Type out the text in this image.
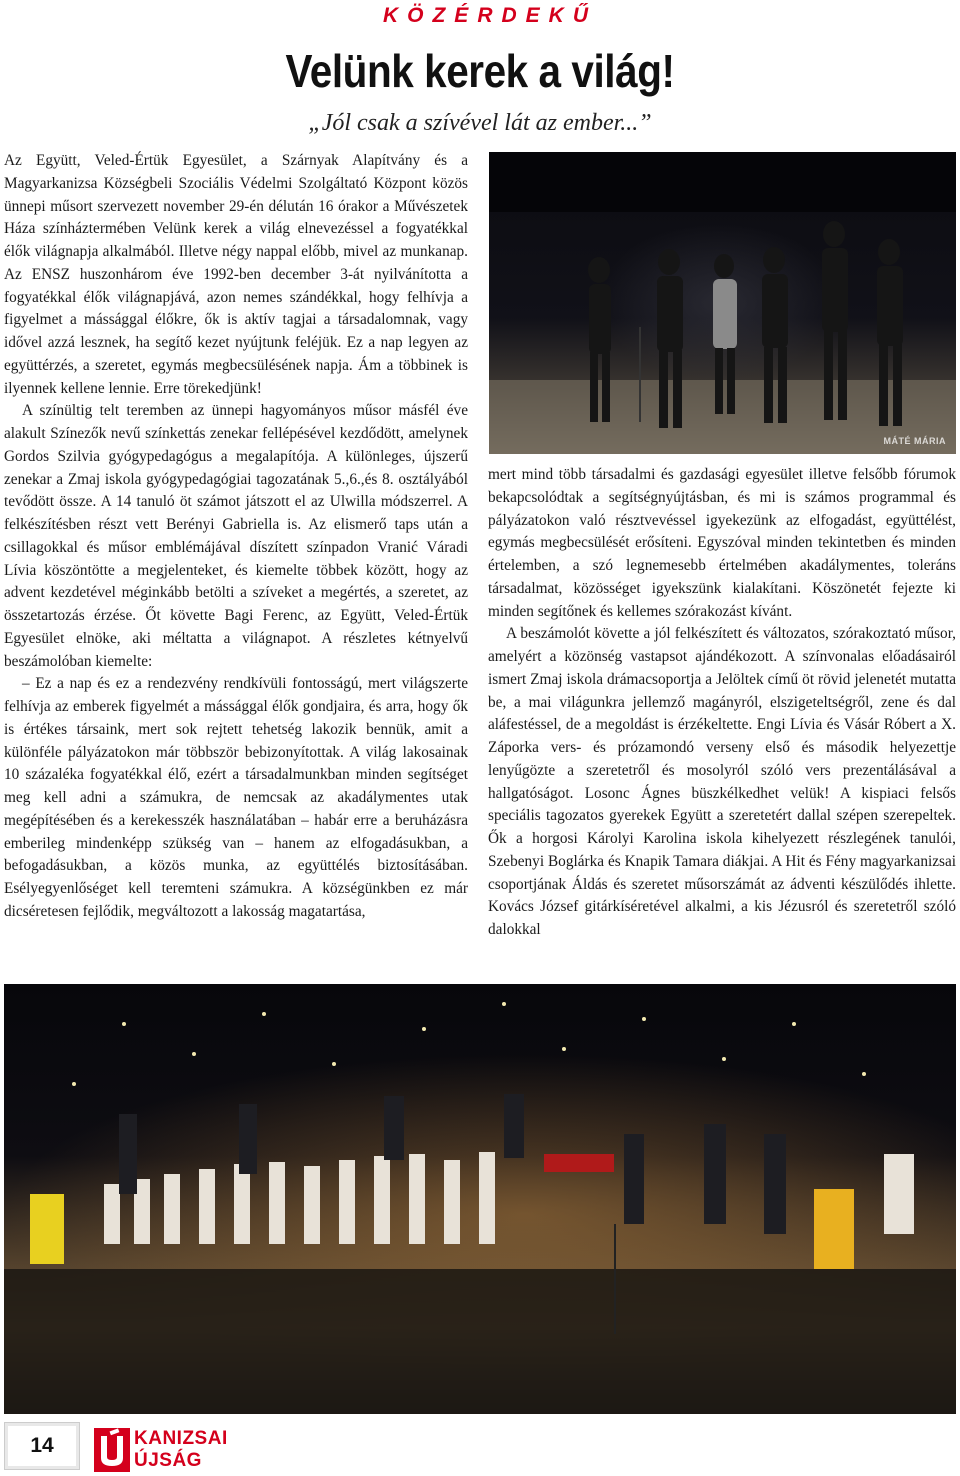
KÖZÉRDEKŰ
Velünk kerek a világ!
„Jól csak a szívével lát az ember...”

Az Együtt, Veled-Értük Egyesület, a Szárnyak Alapítvány és a Magyarkanizsa Községbeli Szociális Védelmi Szolgáltató Központ közös ünnepi műsort szervezett november 29-én délután 16 órakor a Művészetek Háza színháztermében Velünk kerek a világ elnevezéssel a fogyatékkal élők világnapja alkalmából. Illetve négy nappal előbb, mivel az munkanap. Az ENSZ huszonhárom éve 1992-ben december 3-át nyilvánította a fogyatékkal élők világnapjává, azon nemes szándékkal, hogy felhívja a figyelmet a mássággal élőkre, ők is aktív tagjai a társadalomnak, vagy idővel azzá lesznek, ha segítő kezet nyújtunk feléjük. Ez a nap legyen az együttérzés, a szeretet, egymás megbecsülésének napja. Ám a többinek is ilyennek kellene lennie. Erre törekedjünk!

A színültig telt teremben az ünnepi hagyományos műsor másfél éve alakult Színezők nevű színkettás zenekar fellépésével kezdődött, amelynek Gordos Szilvia gyógypedagógus a megalapítója. A különleges, újszerű zenekar a Zmaj iskola gyógypedagógiai tagozatának 5.,6.,és 8. osztályából tevődött össze. A 14 tanuló öt számot játszott el az Ulwilla módszerrel. A felkészítésben részt vett Berényi Gabriella is. Az elismerő taps után a csillagokkal és műsor emblémájával díszített színpadon Vranić Váradi Lívia köszöntötte a megjelenteket, és kiemelte többek között, hogy az advent kezdetével méginkább betölti a szíveket a megértés, a szeretet, az összetartozás érzése. Őt követte Bagi Ferenc, az Együtt, Veled-Értük Egyesület elnöke, aki méltatta a világnapot. A részletes kétnyelvű beszámolóban kiemelte:

– Ez a nap és ez a rendezvény rendkívüli fontosságú, mert világszerte felhívja az emberek figyelmét a mássággal élők gondjaira, és arra, hogy ők is értékes társaink, mert sok rejtett tehetség lakozik bennük, amit a különféle pályázatokon már többször bebizonyítottak. A világ lakosainak 10 százaléka fogyatékkal élő, ezért a társadalmunkban minden segítséget meg kell adni a számukra, de nemcsak az akadálymentes utak megépítésében és a kerekesszék használatában – habár erre a beruházásra emberileg mindenképp szükség van – hanem az elfogadásukban, a befogadásukban, a közös munka, az együttélés biztosításában. Esélyegyenlőséget kell teremteni számukra. A községünkben ez már dicséretesen fejlődik, megváltozott a lakosság magatartása,

MÁTÉ MÁRIA

mert mind több társadalmi és gazdasági egyesület illetve felsőbb fórumok bekapcsolódtak a segítségnyújtásban, és mi is számos programmal és pályázatokon való résztvevéssel igyekezünk az elfogadást, együttélést, egymás megbecsülését erősíteni. Egyszóval minden tekintetben és minden értelemben, a szó legnemesebb értelmében akadálymentes, toleráns társadalmat, közösséget igyekszünk kialakítani. Köszönetét fejezte ki minden segítőnek és kellemes szórakozást kívánt.

A beszámolót követte a jól felkészített és változatos, szórakoztató műsor, amelyért a közönség vastapsot ajándékozott. A színvonalas előadásairól ismert Zmaj iskola drámacsoportja a Jelöltek című öt rövid jelenetét mutatta be, a mai világunkra jellemző magányról, elszigeteltségről, zene és dal aláfestéssel, de a megoldást is érzékeltette. Engi Lívia és Vásár Róbert a X. Záporka vers- és prózamondó verseny első és második helyezettje lenyűgözte a szeretetről és mosolyról szóló vers prezentálásával a hallgatóságot. Losonc Ágnes büszkélkedhet velük! A kispiaci felsős speciális tagozatos gyerekek Együtt a szeretetért dallal szépen szerepeltek. Ők a horgosi Károlyi Karolina iskola kihelyezett részlegének tanulói, Szebenyi Boglárka és Knapik Tamara diákjai. A Hit és Fény magyarkanizsai csoportjának Áldás és szeretet műsorszámát az ádventi készülődés ihlette. Kovács József gitárkíséretével alkalmi, a kis Jézusról és szeretetről szóló dalokkal

14	KANIZSAI
ÚJSÁG
